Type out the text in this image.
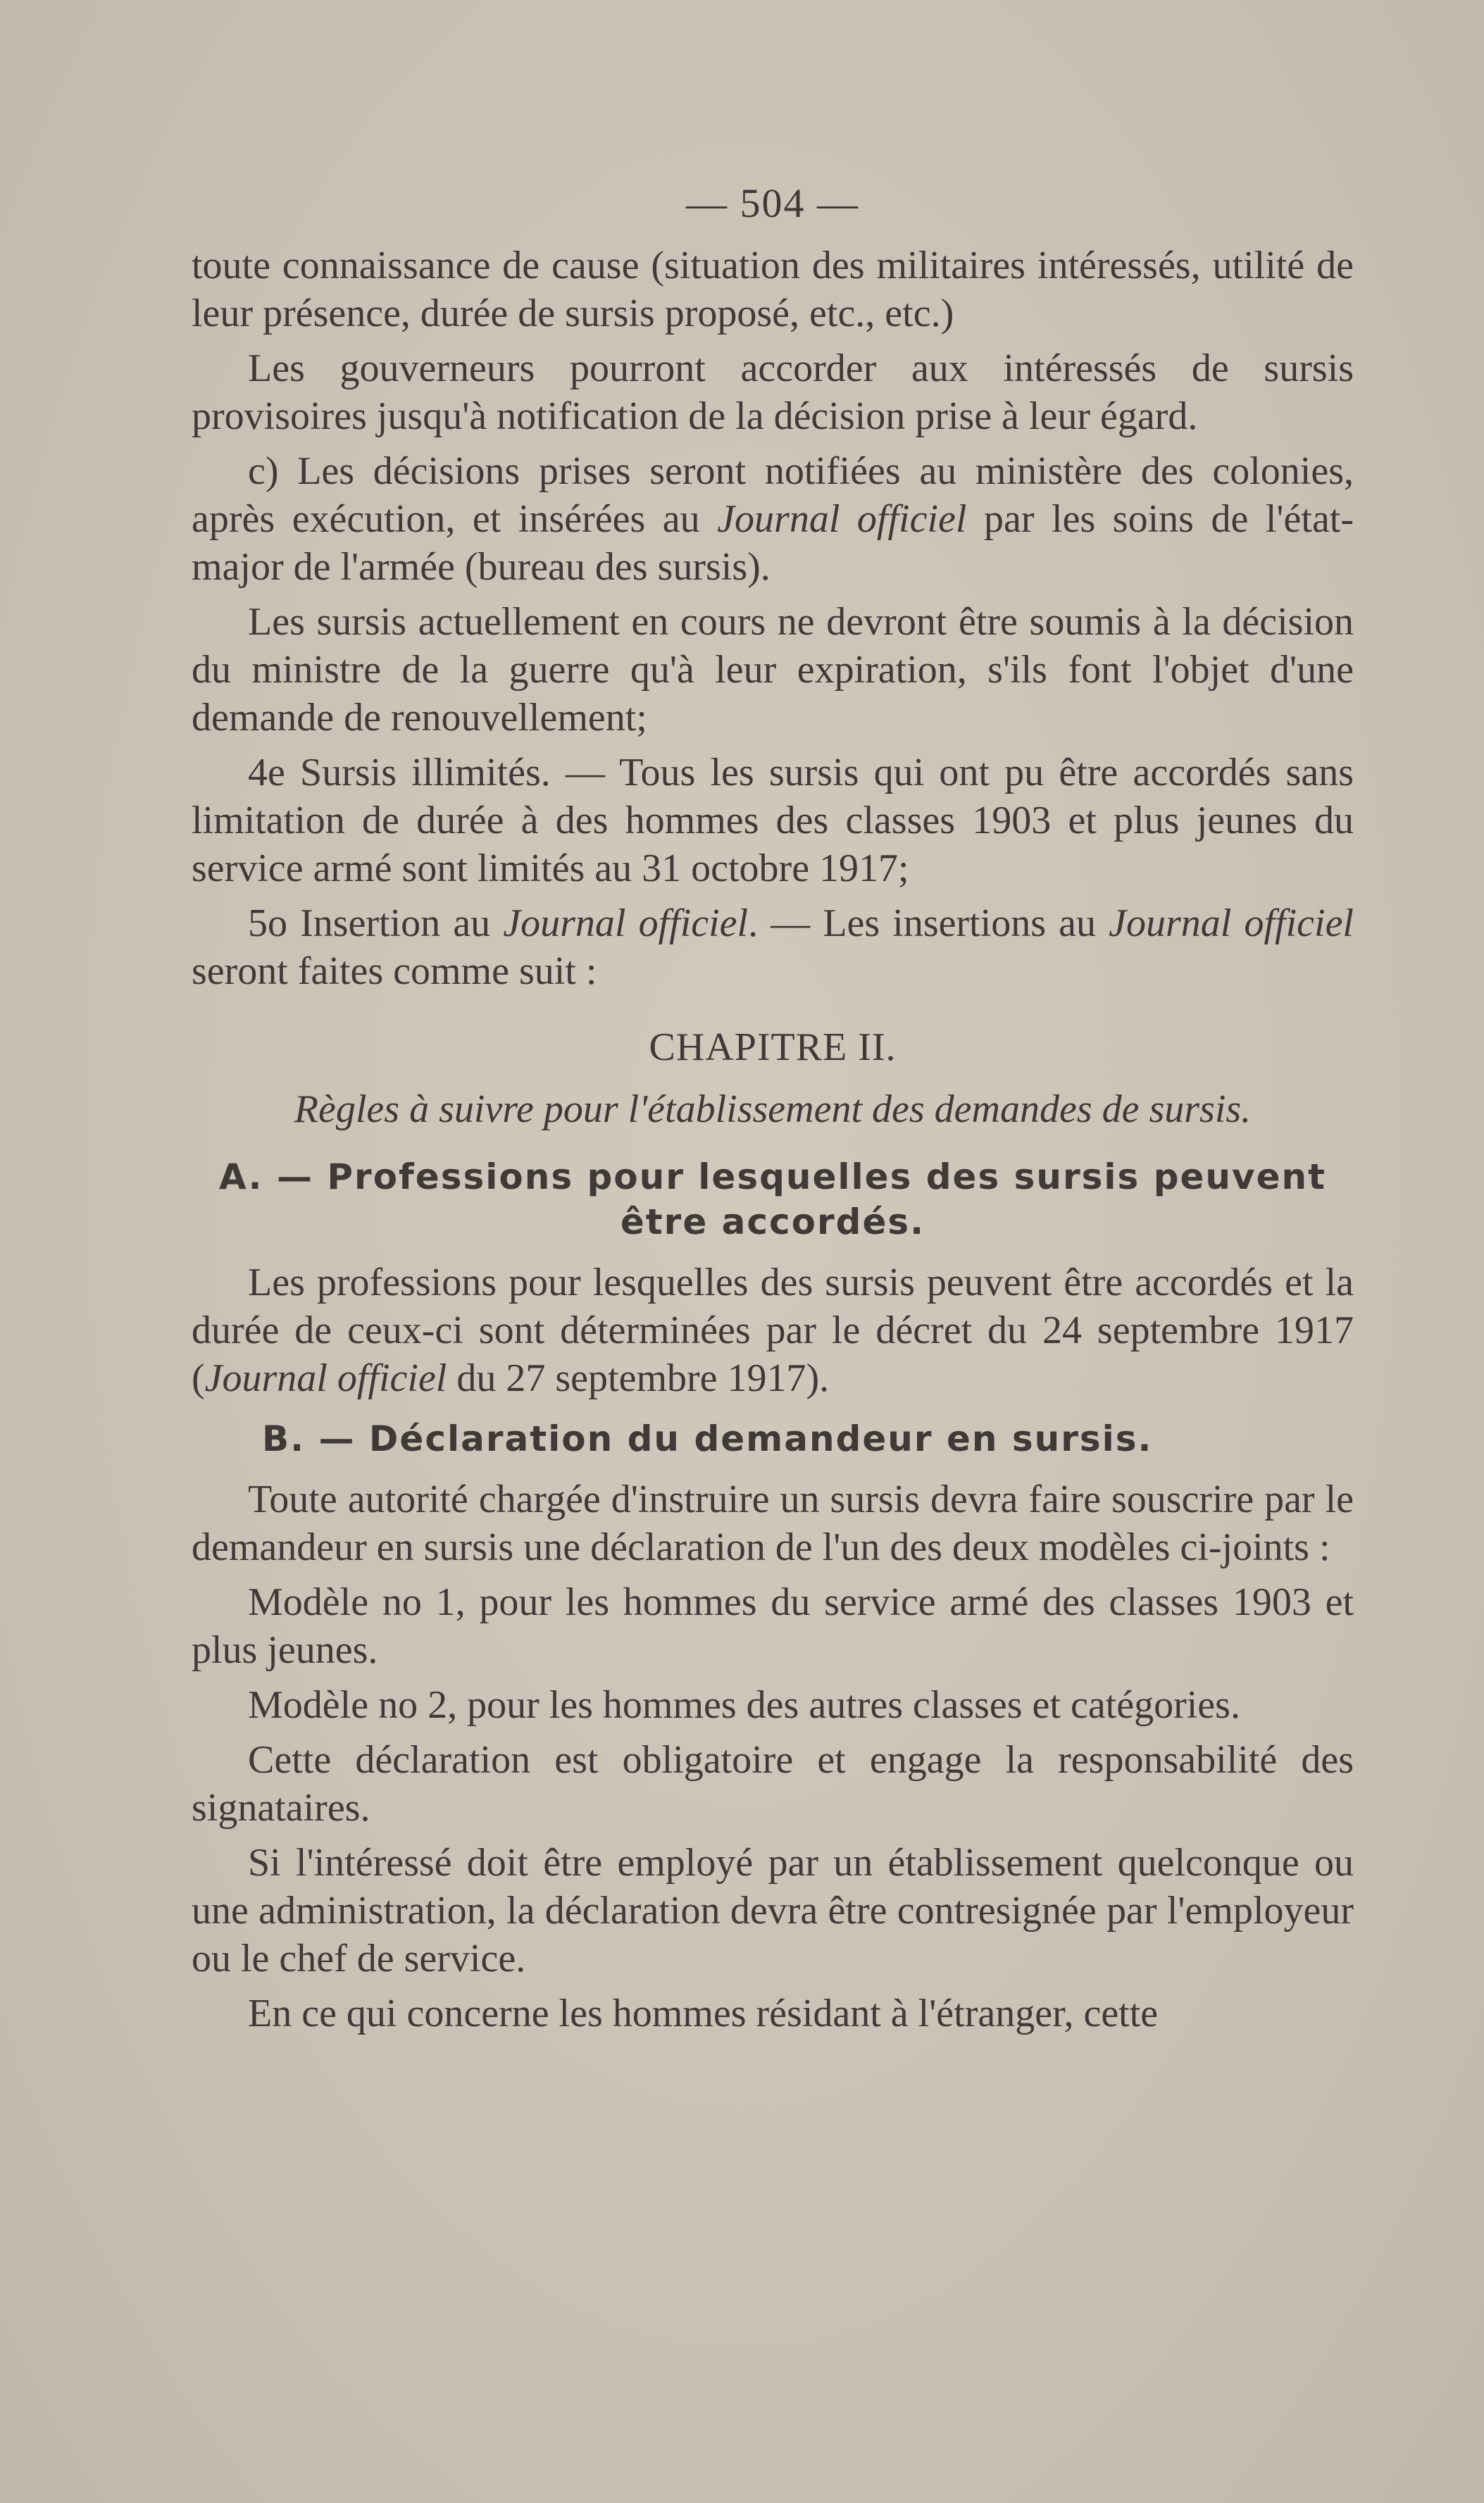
— 504 —

toute connaissance de cause (situation des militaires intéressés, utilité de leur présence, durée de sursis proposé, etc., etc.)

Les gouverneurs pourront accorder aux intéressés de sursis provisoires jusqu'à notification de la décision prise à leur égard.

c) Les décisions prises seront notifiées au ministère des colonies, après exécution, et insérées au Journal officiel par les soins de l'état-major de l'armée (bureau des sursis).

Les sursis actuellement en cours ne devront être soumis à la décision du ministre de la guerre qu'à leur expiration, s'ils font l'objet d'une demande de renouvellement;

4e Sursis illimités. — Tous les sursis qui ont pu être accordés sans limitation de durée à des hommes des classes 1903 et plus jeunes du service armé sont limités au 31 octobre 1917;

5o Insertion au Journal officiel. — Les insertions au Journal officiel seront faites comme suit :

CHAPITRE II.
Règles à suivre pour l'établissement des demandes de sursis.
A. — Professions pour lesquelles des sursis peuvent être accordés.

Les professions pour lesquelles des sursis peuvent être accordés et la durée de ceux-ci sont déterminées par le décret du 24 septembre 1917 (Journal officiel du 27 septembre 1917).

B. — Déclaration du demandeur en sursis.

Toute autorité chargée d'instruire un sursis devra faire souscrire par le demandeur en sursis une déclaration de l'un des deux modèles ci-joints :

Modèle no 1, pour les hommes du service armé des classes 1903 et plus jeunes.

Modèle no 2, pour les hommes des autres classes et catégories.

Cette déclaration est obligatoire et engage la responsabilité des signataires.

Si l'intéressé doit être employé par un établissement quelconque ou une administration, la déclaration devra être contresignée par l'employeur ou le chef de service.

En ce qui concerne les hommes résidant à l'étranger, cette
